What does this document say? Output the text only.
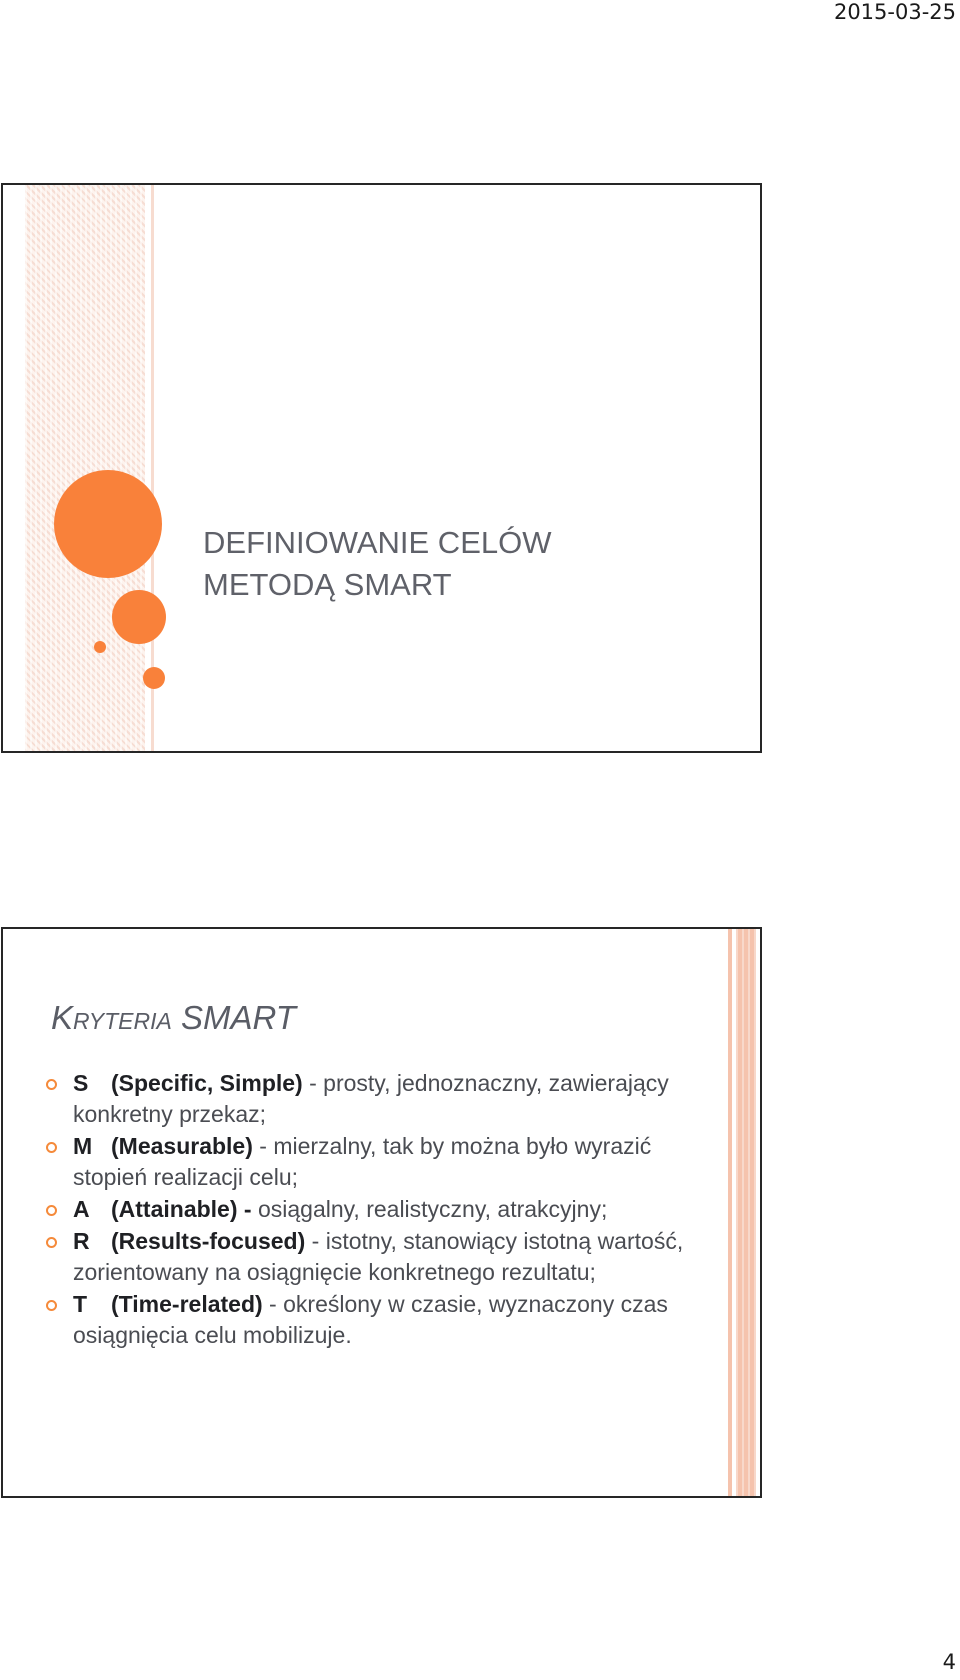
2015-03-25
DEFINIOWANIE CELÓW
METODĄ SMART
KRYTERIA SMART
S (Specific, Simple) - prosty, jednoznaczny, zawierający konkretny przekaz;
M (Measurable) - mierzalny, tak by można było wyrazić stopień realizacji celu;
A (Attainable) - osiągalny, realistyczny, atrakcyjny;
R (Results-focused) - istotny, stanowiący istotną wartość, zorientowany na osiągnięcie konkretnego rezultatu;
T (Time-related) - określony w czasie, wyznaczony czas osiągnięcia celu mobilizuje.
4
